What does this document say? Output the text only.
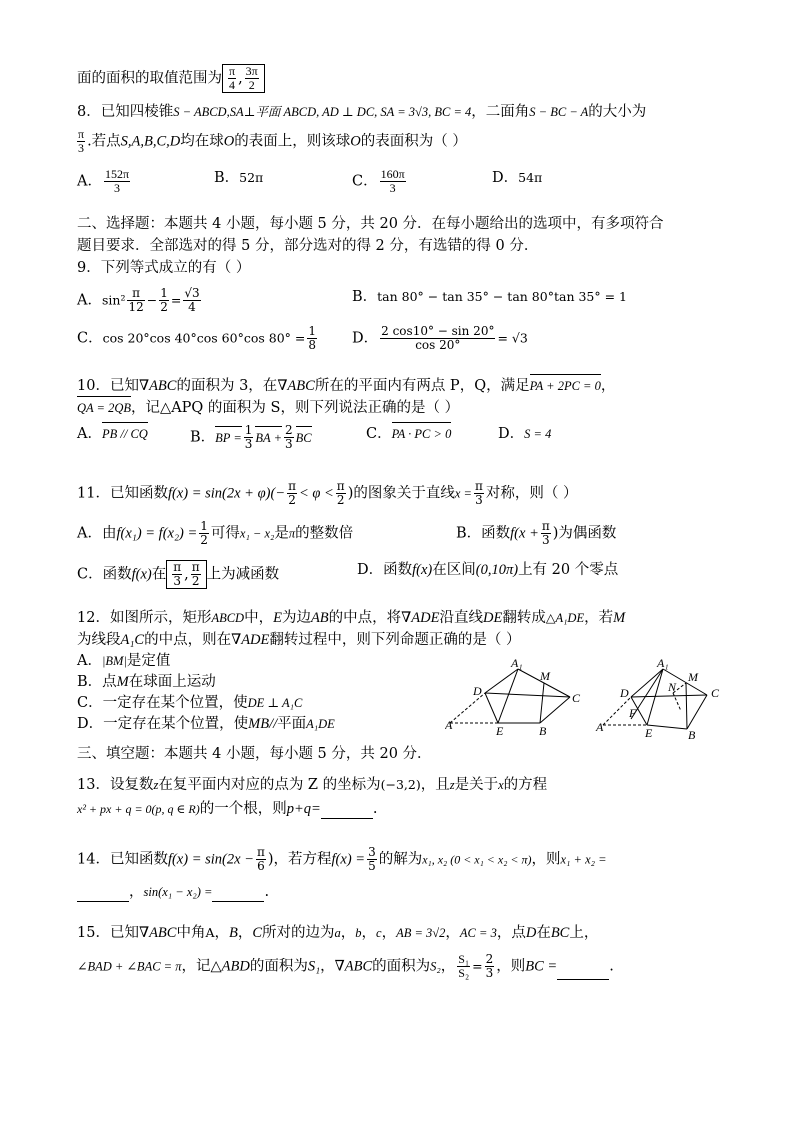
面的面积的取值范围为 $\frac{\pi}{4}$ , $\frac{3\pi}{2}$
8．已知四棱锥S − ABCD,SA⊥平面 ABCD, AD ⊥ DC, SA = 3√3, BC = 4，二面角S − BC − A的大小为
$\frac{\pi}{3}$ .若点S,A,B,C,D均在球O的表面上，则该球O的表面积为（ ）
A． $\frac{152\pi}{3}$	B．52π	C． $\frac{160\pi}{3}$	D．54π
二、选择题：本题共 4 小题，每小题 5 分，共 20 分．在每小题给出的选项中，有多项符合
题目要求．全部选对的得 5 分，部分选对的得 2 分，有选错的得 0 分．
9．下列等式成立的有（ ）
A．$\sin^2 \frac{\pi}{12} - \frac{1}{2} = \frac{√3}{4}$	B．tan 80° − tan 35° − tan 80°tan 35° = 1
C．cos 20°cos 40°cos 60°cos $80^\circ = \frac{1}{8}$ D． $\frac{2 \cos 10^\circ - \sin 20^\circ}{\cos 20^\circ} = √3$
10．已知∇ABC的面积为 3，在∇ABC所在的平面内有两点 P，Q，满足PA + 2PC = 0，
QA = 2QB，记△APQ 的面积为 S，则下列说法正确的是（ ）
A．PB // CQ	B．BP = $\frac{1}{3}$ BA + $\frac{2}{3}$ BC	C．PA · PC > 0	D．S = 4
11．已知函数$f(x) = \sin(2x + \varphi)(- \frac{\pi}{2} < \varphi < \frac{\pi}{2}$ )的图象关于直线$x = \frac{\pi}{3}$ 对称，则（ ）
A．由$f(x_1) = f(x_2) = \frac{1}{2}$ 可得x₁ − x₂是π的整数倍	B．函数$f(x + \frac{\pi}{3}$ )为偶函数
C．函数f(x)在 $\frac{\pi}{3}$ , $\frac{\pi}{2}$ 上为减函数	D．函数f(x)在区间(0,10π)上有 20 个零点
12．如图所示，矩形ABCD中，E为边AB的中点，将∇ADE沿直线DE翻转成△A₁DE，若M
为线段A₁C的中点，则在∇ADE翻转过程中，则下列命题正确的是（ ）
A．|BM|是定值
B．点M在球面上运动
C．一定存在某个位置，使DE ⊥ A₁C
D．一定存在某个位置，使MB//平面A₁DE
A₁
M
D	C
A	E	B
A₁
M
D	N	C
F
A	E	B
三、填空题：本题共 4 小题，每小题 5 分，共 20 分．
13．设复数z在复平面内对应的点为 Z 的坐标为(−3,2)，且z是关于x的方程
x² + px + q = 0(p, q ∈ R)的一个根，则p+q=	.
14．已知函数$f(x) = \sin(2x - \frac{\pi}{6}$ )，若方程$f(x) = \frac{3}{5}$ 的解为x₁, x₂ (0 < x₁ < x₂ < π)，则x₁ + x₂ =
，sin(x₁ − x₂) =	.
15．已知∇ABC中角A，B，C所对的边为a，b，c，AB = 3√2，AC = 3，点D在BC上，
∠BAD + ∠BAC = π，记△ABD的面积为S₁，∇ABC的面积为S₂， $\frac{\text{S₁}}{\text{S₂}} = \frac{2}{3}$ ，则BC =	.
